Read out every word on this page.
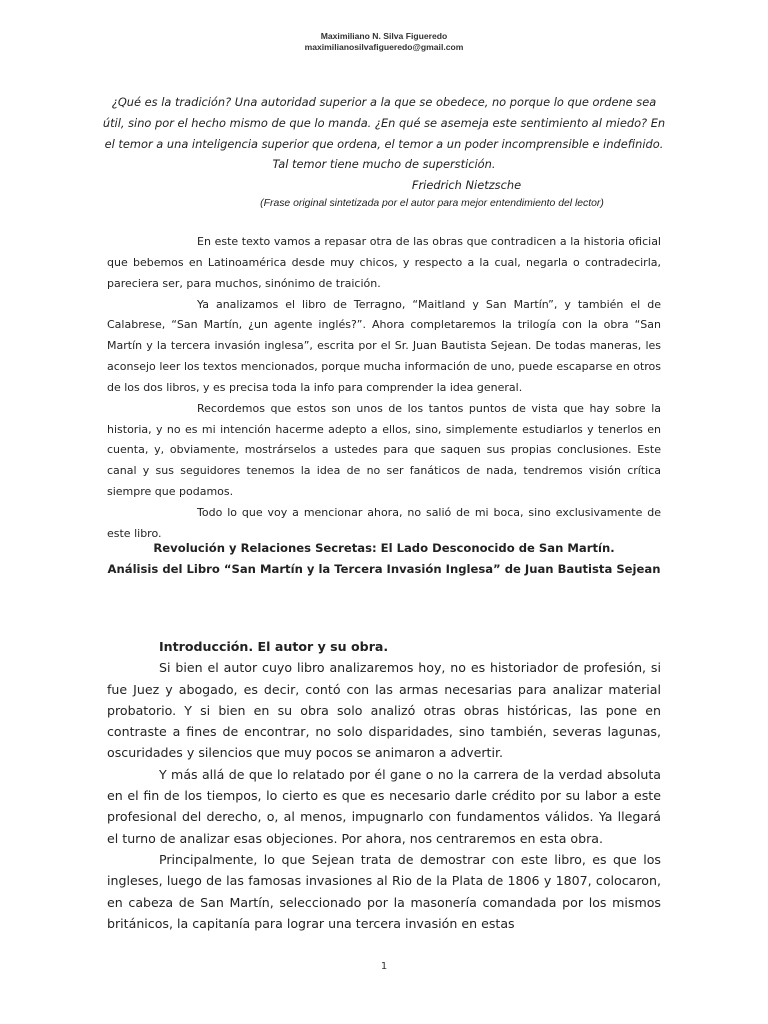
Maximiliano N. Silva Figueredo
maximilianosilvafigueredo@gmail.com
¿Qué es la tradición? Una autoridad superior a la que se obedece, no porque lo que ordene sea útil, sino por el hecho mismo de que lo manda. ¿En qué se asemeja este sentimiento al miedo? En el temor a una inteligencia superior que ordena, el temor a un poder incomprensible e indefinido. Tal temor tiene mucho de superstición.
Friedrich Nietzsche
(Frase original sintetizada por el autor para mejor entendimiento del lector)

En este texto vamos a repasar otra de las obras que contradicen a la historia oficial que bebemos en Latinoamérica desde muy chicos, y respecto a la cual, negarla o contradecirla, pareciera ser, para muchos, sinónimo de traición.

Ya analizamos el libro de Terragno, “Maitland y San Martín”, y también el de Calabrese, “San Martín, ¿un agente inglés?”. Ahora completaremos la trilogía con la obra “San Martín y la tercera invasión inglesa”, escrita por el Sr. Juan Bautista Sejean. De todas maneras, les aconsejo leer los textos mencionados, porque mucha información de uno, puede escaparse en otros de los dos libros, y es precisa toda la info para comprender la idea general.

Recordemos que estos son unos de los tantos puntos de vista que hay sobre la historia, y no es mi intención hacerme adepto a ellos, sino, simplemente estudiarlos y tenerlos en cuenta, y, obviamente, mostrárselos a ustedes para que saquen sus propias conclusiones. Este canal y sus seguidores tenemos la idea de no ser fanáticos de nada, tendremos visión crítica siempre que podamos.

Todo lo que voy a mencionar ahora, no salió de mi boca, sino exclusivamente de este libro.

Revolución y Relaciones Secretas: El Lado Desconocido de San Martín.
Análisis del Libro “San Martín y la Tercera Invasión Inglesa” de Juan Bautista Sejean

Introducción. El autor y su obra.

Si bien el autor cuyo libro analizaremos hoy, no es historiador de profesión, si fue Juez y abogado, es decir, contó con las armas necesarias para analizar material probatorio. Y si bien en su obra solo analizó otras obras históricas, las pone en contraste a fines de encontrar, no solo disparidades, sino también, severas lagunas, oscuridades y silencios que muy pocos se animaron a advertir.

Y más allá de que lo relatado por él gane o no la carrera de la verdad absoluta en el fin de los tiempos, lo cierto es que es necesario darle crédito por su labor a este profesional del derecho, o, al menos, impugnarlo con fundamentos válidos. Ya llegará el turno de analizar esas objeciones. Por ahora, nos centraremos en esta obra.

Principalmente, lo que Sejean trata de demostrar con este libro, es que los ingleses, luego de las famosas invasiones al Rio de la Plata de 1806 y 1807, colocaron, en cabeza de San Martín, seleccionado por la masonería comandada por los mismos británicos, la capitanía para lograr una tercera invasión en estas

1
